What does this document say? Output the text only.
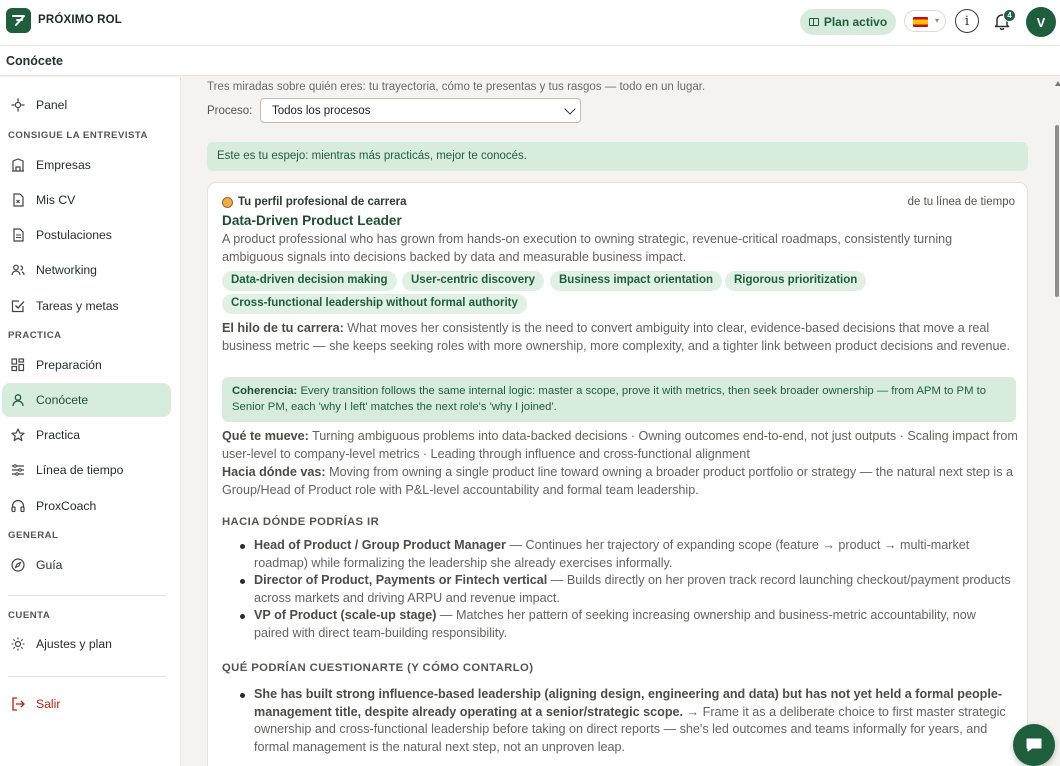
PRÓXIMO ROL	Plan activo	▾	i	4	V
Conócete
Panel
CONSIGUE LA ENTREVISTA
Empresas
Mis CV
Postulaciones
Networking
Tareas y metas
PRACTICA
Preparación
Conócete
Practica
Línea de tiempo
ProxCoach
GENERAL
Guía
CUENTA
Ajustes y plan
Salir
Tres miradas sobre quién eres: tu trayectoria, cómo te presentas y tus rasgos — todo en un lugar.
Proceso:	Todos los procesos
Este es tu espejo: mientras más practicás, mejor te conocés.
Tu perfil profesional de carrera	de tu línea de tiempo
Data-Driven Product Leader
A product professional who has grown from hands-on execution to owning strategic, revenue-critical roadmaps, consistently turning ambiguous signals into decisions backed by data and measurable business impact.
Data-driven decision making	User-centric discovery	Business impact orientation	Rigorous prioritization
Cross-functional leadership without formal authority
El hilo de tu carrera: What moves her consistently is the need to convert ambiguity into clear, evidence-based decisions that move a real business metric — she keeps seeking roles with more ownership, more complexity, and a tighter link between product decisions and revenue.
Coherencia: Every transition follows the same internal logic: master a scope, prove it with metrics, then seek broader ownership — from APM to PM to Senior PM, each 'why I left' matches the next role's 'why I joined'.
Qué te mueve: Turning ambiguous problems into data-backed decisions · Owning outcomes end-to-end, not just outputs · Scaling impact from user-level to company-level metrics · Leading through influence and cross-functional alignment
Hacia dónde vas: Moving from owning a single product line toward owning a broader product portfolio or strategy — the natural next step is a Group/Head of Product role with P&L-level accountability and formal team leadership.
HACIA DÓNDE PODRÍAS IR
Head of Product / Group Product Manager — Continues her trajectory of expanding scope (feature → product → multi-market roadmap) while formalizing the leadership she already exercises informally.
Director of Product, Payments or Fintech vertical — Builds directly on her proven track record launching checkout/payment products across markets and driving ARPU and revenue impact.
VP of Product (scale-up stage) — Matches her pattern of seeking increasing ownership and business-metric accountability, now paired with direct team-building responsibility.
QUÉ PODRÍAN CUESTIONARTE (Y CÓMO CONTARLO)
She has built strong influence-based leadership (aligning design, engineering and data) but has not yet held a formal people-management title, despite already operating at a senior/strategic scope. → Frame it as a deliberate choice to first master strategic ownership and cross-functional leadership before taking on direct reports — she's led outcomes and teams informally for years, and formal management is the natural next step, not an unproven leap.
